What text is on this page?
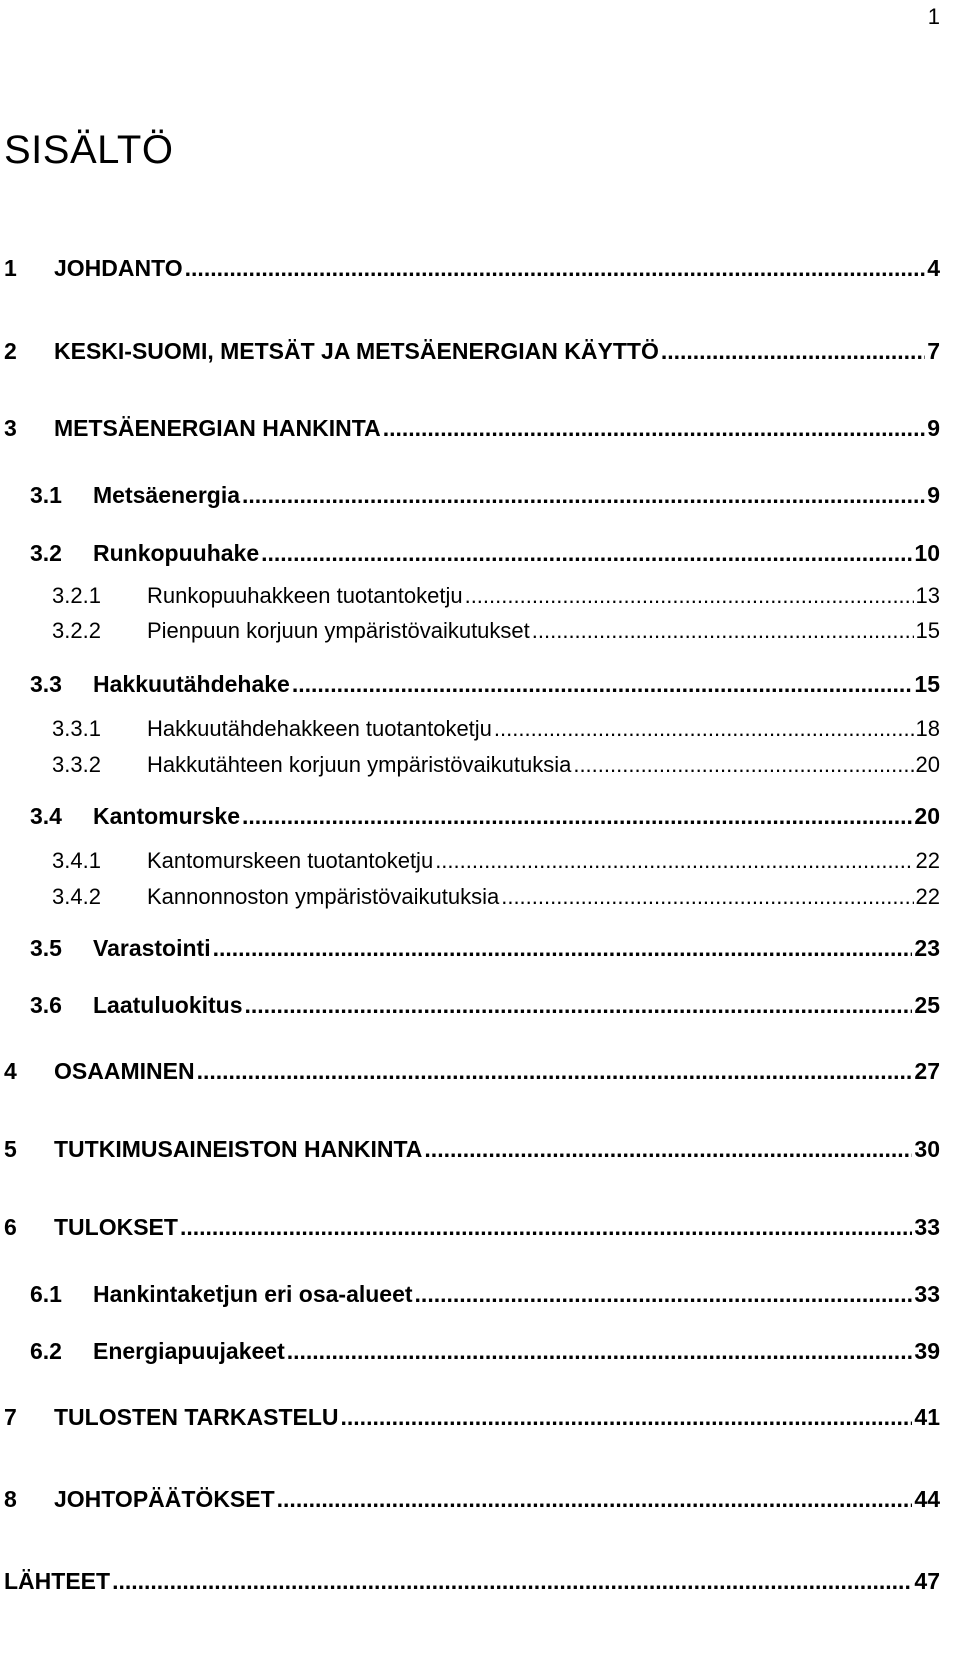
1
SISÄLTÖ
1	JOHDANTO .....	4
2	KESKI-SUOMI, METSÄT JA METSÄENERGIAN KÄYTTÖ .....	7
3	METSÄENERGIAN HANKINTA .....	9
3.1	Metsäenergia .....	9
3.2	Runkopuuhake .....	10
3.2.1	Runkopuuhakkeen tuotantoketju .....	13
3.2.2	Pienpuun korjuun ympäristövaikutukset .....	15
3.3	Hakkuutähdehake .....	15
3.3.1	Hakkuutähdehakkeen tuotantoketju .....	18
3.3.2	Hakkutähteen korjuun ympäristövaikutuksia .....	20
3.4	Kantomurske .....	20
3.4.1	Kantomurskeen tuotantoketju .....	22
3.4.2	Kannonnoston ympäristövaikutuksia .....	22
3.5	Varastointi .....	23
3.6	Laatuluokitus .....	25
4	OSAAMINEN .....	27
5	TUTKIMUSAINEISTON HANKINTA .....	30
6	TULOKSET .....	33
6.1	Hankintaketjun eri osa-alueet .....	33
6.2	Energiapuujakeet .....	39
7	TULOSTEN TARKASTELU .....	41
8	JOHTOPÄÄTÖKSET .....	44
LÄHTEET .....	47
